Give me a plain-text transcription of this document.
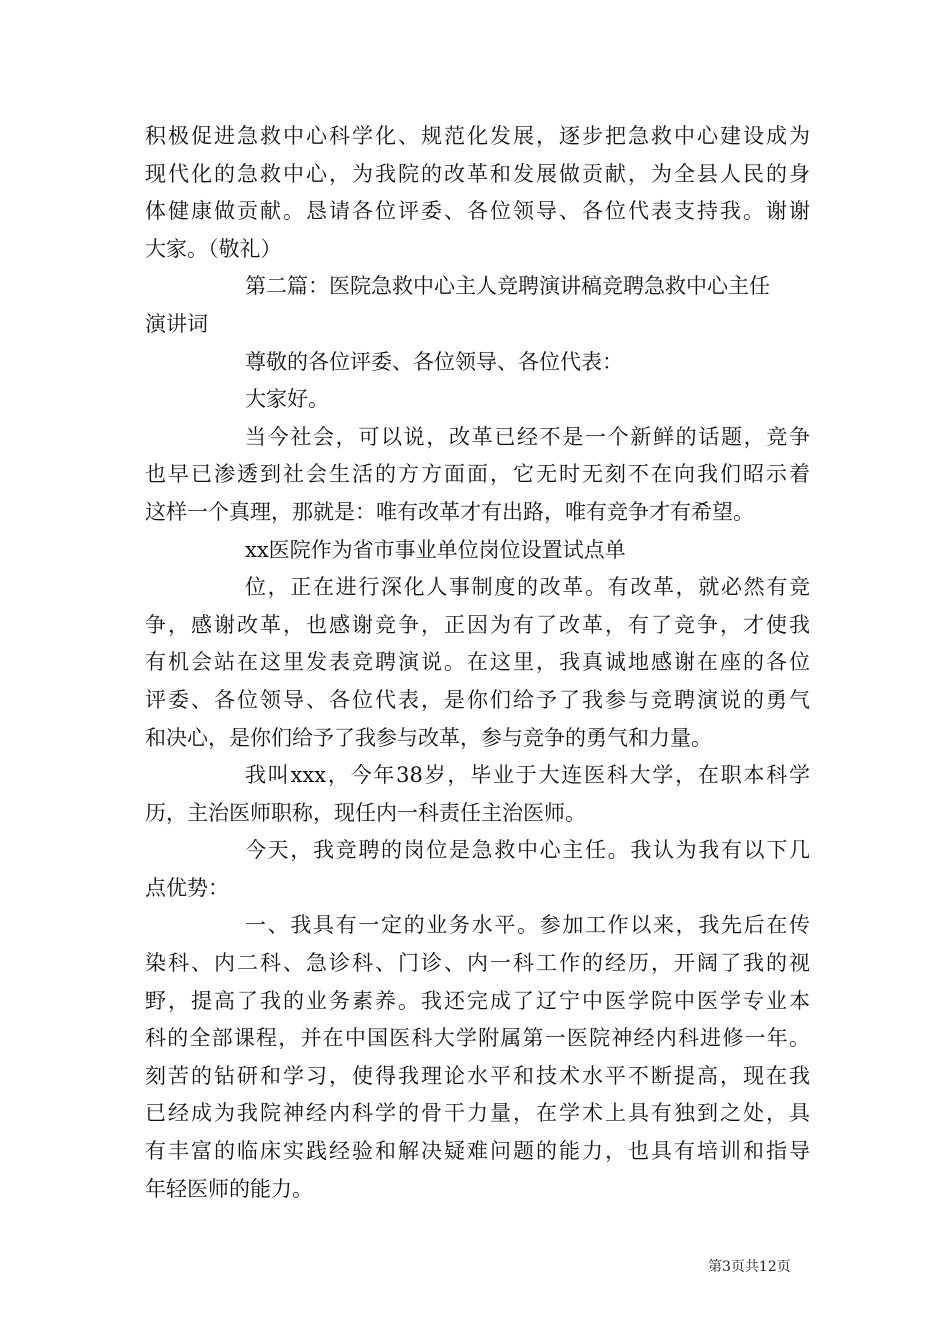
积极促进急救中心科学化、规范化发展，逐步把急救中心建设成为
现代化的急救中心，为我院的改革和发展做贡献，为全县人民的身
体健康做贡献。恳请各位评委、各位领导、各位代表支持我。谢谢
大家。（敬礼）
第二篇：医院急救中心主人竞聘演讲稿竞聘急救中心主任
演讲词
尊敬的各位评委、各位领导、各位代表：
大家好。
当今社会，可以说，改革已经不是一个新鲜的话题，竞争
也早已渗透到社会生活的方方面面，它无时无刻不在向我们昭示着
这样一个真理，那就是：唯有改革才有出路，唯有竞争才有希望。
xx医院作为省市事业单位岗位设置试点单
位，正在进行深化人事制度的改革。有改革，就必然有竞
争，感谢改革，也感谢竞争，正因为有了改革，有了竞争，才使我
有机会站在这里发表竞聘演说。在这里，我真诚地感谢在座的各位
评委、各位领导、各位代表，是你们给予了我参与竞聘演说的勇气
和决心，是你们给予了我参与改革，参与竞争的勇气和力量。
我叫xxx，今年38岁，毕业于大连医科大学，在职本科学
历，主治医师职称，现任内一科责任主治医师。
今天，我竞聘的岗位是急救中心主任。我认为我有以下几
点优势：
一、我具有一定的业务水平。参加工作以来，我先后在传
染科、内二科、急诊科、门诊、内一科工作的经历，开阔了我的视
野，提高了我的业务素养。我还完成了辽宁中医学院中医学专业本
科的全部课程，并在中国医科大学附属第一医院神经内科进修一年。
刻苦的钻研和学习，使得我理论水平和技术水平不断提高，现在我
已经成为我院神经内科学的骨干力量，在学术上具有独到之处，具
有丰富的临床实践经验和解决疑难问题的能力，也具有培训和指导
年轻医师的能力。
第3页共12页
